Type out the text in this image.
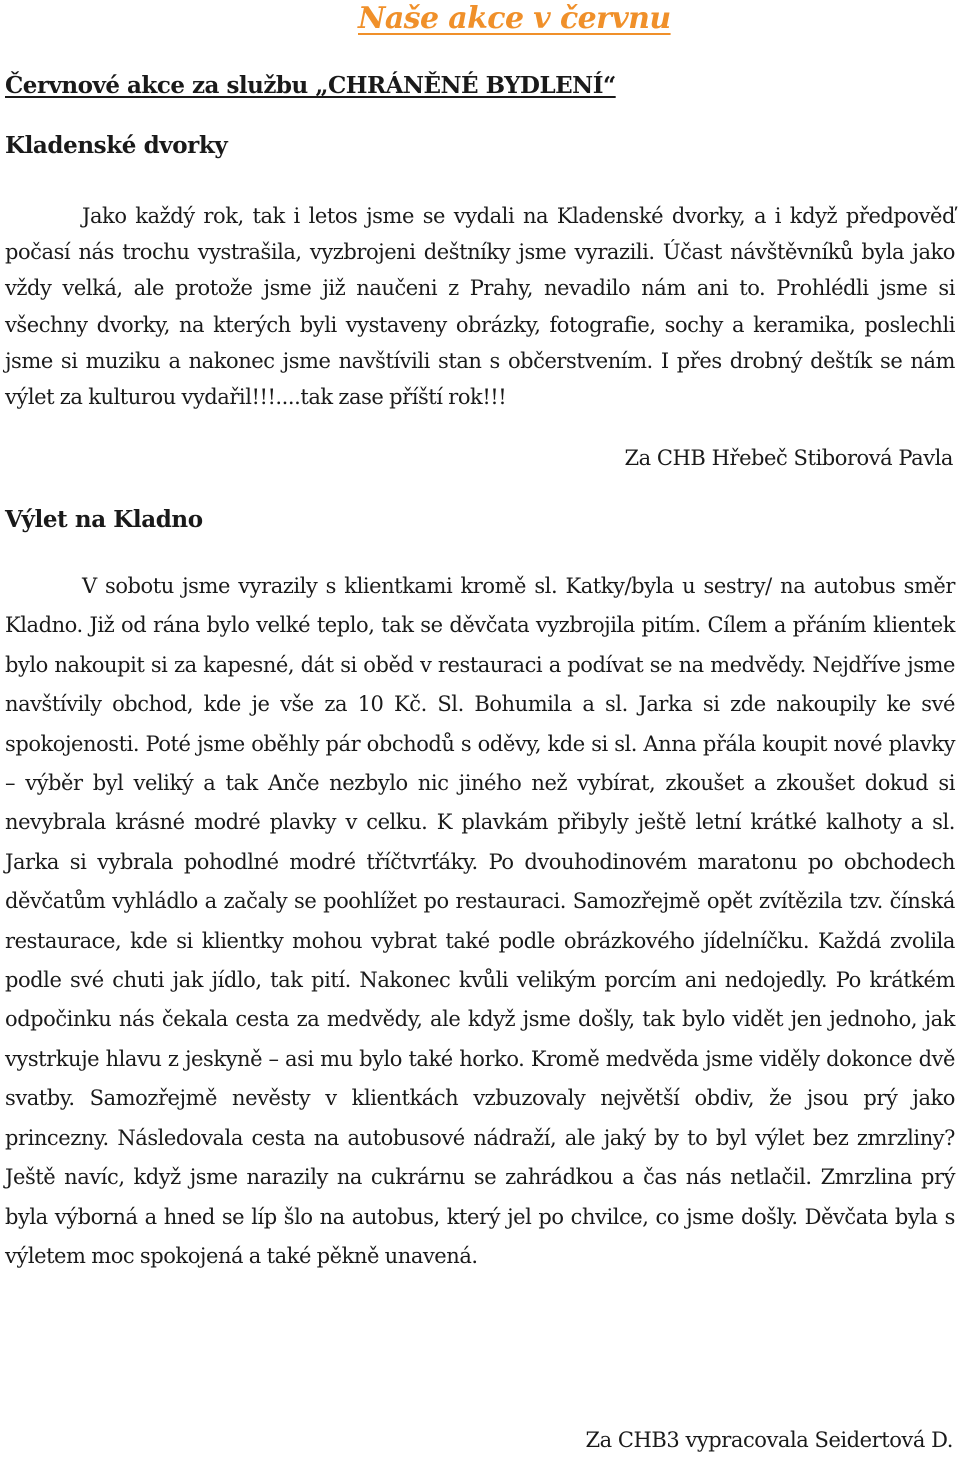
Naše akce v červnu
Červnové akce za službu „CHRÁNĚNÉ BYDLENÍ“
Kladenské dvorky
Jako každý rok, tak i letos jsme se vydali na Kladenské dvorky, a i když předpověď počasí nás trochu vystrašila, vyzbrojeni deštníky jsme vyrazili. Účast návštěvníků byla jako vždy velká, ale protože jsme již naučeni z Prahy, nevadilo nám ani to. Prohlédli jsme si všechny dvorky, na kterých byli vystaveny obrázky, fotografie, sochy a keramika, poslechli jsme si muziku a nakonec jsme navštívili stan s občerstvením. I přes drobný deštík se nám výlet za kulturou vydařil!!!....tak zase příští rok!!!
Za CHB Hřebeč Stiborová Pavla
Výlet na Kladno
V sobotu jsme vyrazily s klientkami kromě sl. Katky/byla u sestry/ na autobus směr Kladno. Již od rána bylo velké teplo, tak se děvčata vyzbrojila pitím. Cílem a přáním klientek bylo nakoupit si za kapesné, dát si oběd v restauraci a podívat se na medvědy. Nejdříve jsme navštívily obchod, kde je vše za 10 Kč. Sl. Bohumila a sl. Jarka si zde nakoupily ke své spokojenosti. Poté jsme oběhly pár obchodů s oděvy, kde si sl. Anna přála koupit nové plavky – výběr byl veliký a tak Anče nezbylo nic jiného než vybírat, zkoušet a zkoušet dokud si nevybrala krásné modré plavky v celku. K plavkám přibyly ještě letní krátké kalhoty a sl. Jarka si vybrala pohodlné modré tříčtvrťáky. Po dvouhodinovém maratonu po obchodech děvčatům vyhládlo a začaly se poohlížet po restauraci. Samozřejmě opět zvítězila tzv. čínská restaurace, kde si klientky mohou vybrat také podle obrázkového jídelníčku. Každá zvolila podle své chuti jak jídlo, tak pití. Nakonec kvůli velikým porcím ani nedojedly. Po krátkém odpočinku nás čekala cesta za medvědy, ale když jsme došly, tak bylo vidět jen jednoho, jak vystrkuje hlavu z jeskyně – asi mu bylo také horko. Kromě medvěda jsme viděly dokonce dvě svatby. Samozřejmě nevěsty v klientkách vzbuzovaly největší obdiv, že jsou prý jako princezny. Následovala cesta na autobusové nádraží, ale jaký by to byl výlet bez zmrzliny? Ještě navíc, když jsme narazily na cukrárnu se zahrádkou a čas nás netlačil. Zmrzlina prý byla výborná a hned se líp šlo na autobus, který jel po chvilce, co jsme došly. Děvčata byla s výletem moc spokojená a také pěkně unavená.
Za CHB3 vypracovala Seidertová D.
